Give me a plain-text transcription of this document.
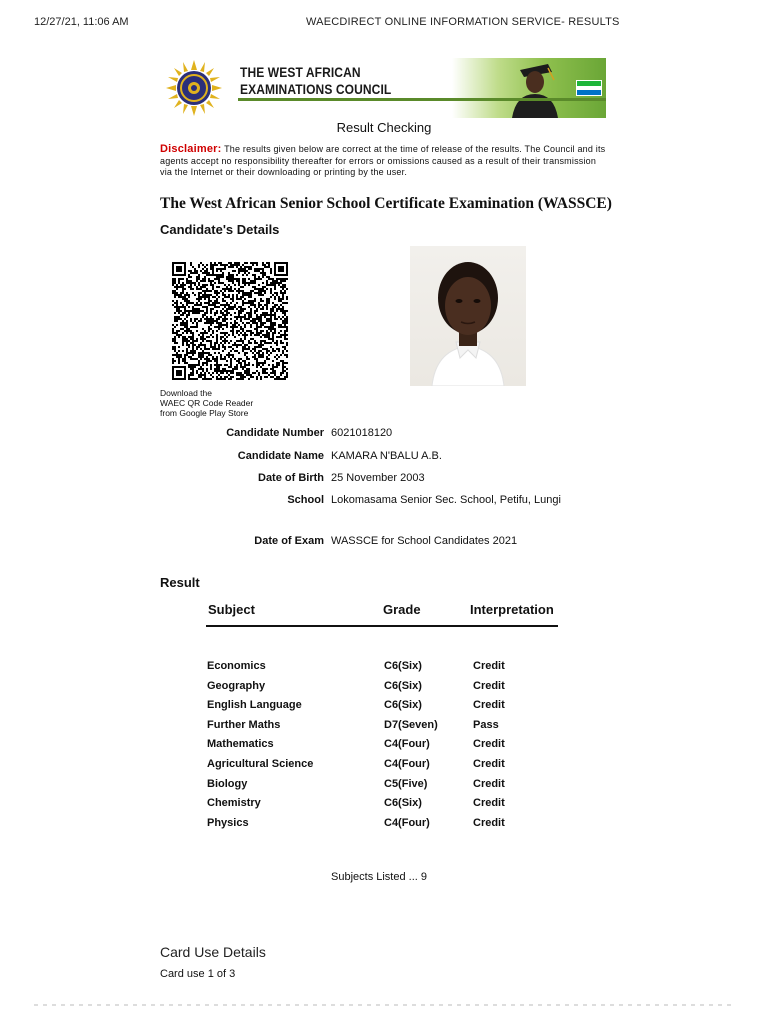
12/27/21, 11:06 AM	WAECDIRECT ONLINE INFORMATION SERVICE- RESULTS
THE WEST AFRICAN
EXAMINATIONS COUNCIL
Result Checking
Disclaimer: The results given below are correct at the time of release of the results. The Council and its agents accept no responsibility thereafter for errors or omissions caused as a result of their transmission via the Internet or their downloading or printing by the user.
The West African Senior School Certificate Examination (WASSCE)
Candidate's Details
Download the
WAEC QR Code Reader
from Google Play Store
Candidate Number 6021018120
Candidate Name KAMARA N'BALU A.B.
Date of Birth 25 November 2003
School Lokomasama Senior Sec. School, Petifu, Lungi
Date of Exam WASSCE for School Candidates 2021
Result
Subject	Grade	Interpretation
Economics	C6(Six)	Credit
Geography	C6(Six)	Credit
English Language	C6(Six)	Credit
Further Maths	D7(Seven)	Pass
Mathematics	C4(Four)	Credit
Agricultural Science	C4(Four)	Credit
Biology	C5(Five)	Credit
Chemistry	C6(Six)	Credit
Physics	C4(Four)	Credit
Subjects Listed ... 9
Card Use Details
Card use 1 of 3
